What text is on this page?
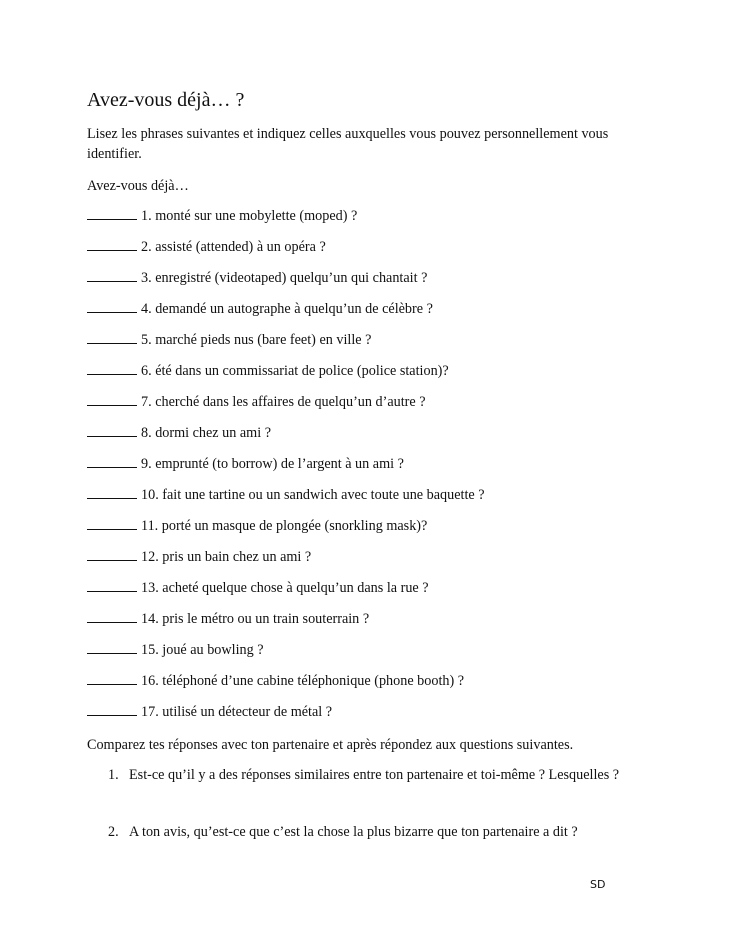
Avez-vous déjà… ?
Lisez les phrases suivantes et indiquez celles auxquelles vous pouvez personnellement vous identifier.
Avez-vous déjà…
1. monté sur une mobylette (moped) ?
2. assisté (attended) à un opéra ?
3. enregistré (videotaped) quelqu’un qui chantait ?
4. demandé un autographe à quelqu’un de célèbre ?
5. marché pieds nus (bare feet) en ville ?
6. été dans un commissariat de police (police station)?
7. cherché dans les affaires de quelqu’un d’autre ?
8. dormi chez un ami ?
9. emprunté (to borrow) de l’argent à un ami ?
10. fait une tartine ou un sandwich avec toute une baquette ?
11. porté un masque de plongée (snorkling mask)?
12. pris un bain chez un ami ?
13. acheté quelque chose à quelqu’un dans la rue ?
14. pris le métro ou un train souterrain ?
15. joué au bowling ?
16. téléphoné d’une cabine téléphonique (phone booth) ?
17. utilisé un détecteur de métal ?
Comparez tes réponses avec ton partenaire et après répondez aux questions suivantes.
1. Est-ce qu’il y a des réponses similaires entre ton partenaire et toi-même ? Lesquelles ?
2. A ton avis, qu’est-ce que c’est la chose la plus bizarre que ton partenaire a dit ?
SD
